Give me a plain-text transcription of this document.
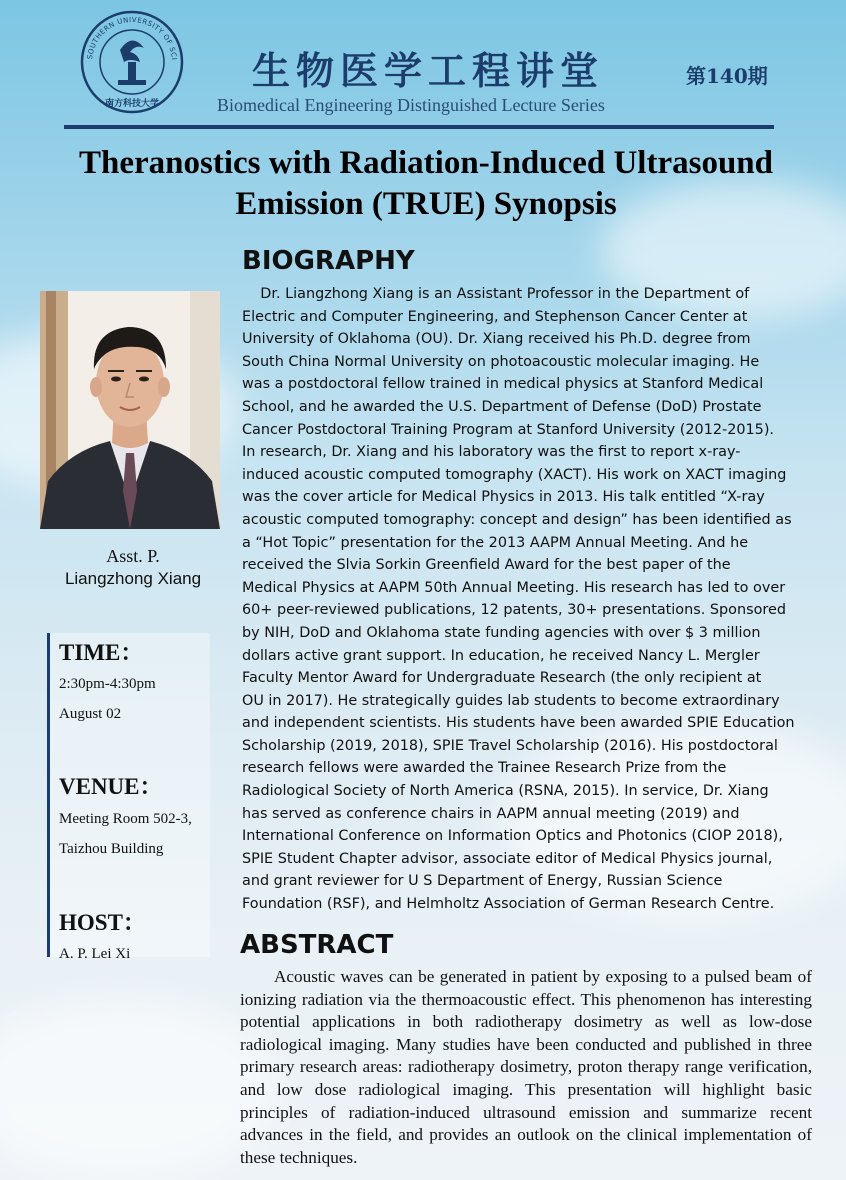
SOUTHERN UNIVERSITY OF SCI
南方科技大学
生物医学工程讲堂	第140期
Biomedical Engineering Distinguished Lecture Series
Theranostics with Radiation-Induced Ultrasound Emission (TRUE) Synopsis
Asst. P.
Liangzhong Xiang
TIME：
2:30pm-4:30pm
August 02
VENUE：
Meeting Room 502-3,
Taizhou Building
HOST：
A. P. Lei Xi
BIOGRAPHY
Dr. Liangzhong Xiang is an Assistant Professor in the Department of
Electric and Computer Engineering, and Stephenson Cancer Center at
University of Oklahoma (OU). Dr. Xiang received his Ph.D. degree from
South China Normal University on photoacoustic molecular imaging. He
was a postdoctoral fellow trained in medical physics at Stanford Medical
School, and he awarded the U.S. Department of Defense (DoD) Prostate
Cancer Postdoctoral Training Program at Stanford University (2012-2015).
In research, Dr. Xiang and his laboratory was the first to report x-ray-
induced acoustic computed tomography (XACT). His work on XACT imaging
was the cover article for Medical Physics in 2013. His talk entitled “X-ray
acoustic computed tomography: concept and design” has been identified as
a “Hot Topic” presentation for the 2013 AAPM Annual Meeting. And he
received the Slvia Sorkin Greenfield Award for the best paper of the
Medical Physics at AAPM 50th Annual Meeting. His research has led to over
60+ peer-reviewed publications, 12 patents, 30+ presentations. Sponsored
by NIH, DoD and Oklahoma state funding agencies with over $ 3 million
dollars active grant support. In education, he received Nancy L. Mergler
Faculty Mentor Award for Undergraduate Research (the only recipient at
OU in 2017). He strategically guides lab students to become extraordinary
and independent scientists. His students have been awarded SPIE Education
Scholarship (2019, 2018), SPIE Travel Scholarship (2016). His postdoctoral
research fellows were awarded the Trainee Research Prize from the
Radiological Society of North America (RSNA, 2015). In service, Dr. Xiang
has served as conference chairs in AAPM annual meeting (2019) and
International Conference on Information Optics and Photonics (CIOP 2018),
SPIE Student Chapter advisor, associate editor of Medical Physics journal,
and grant reviewer for U S Department of Energy, Russian Science
Foundation (RSF), and Helmholtz Association of German Research Centre.
ABSTRACT

Acoustic waves can be generated in patient by exposing to a pulsed beam of ionizing radiation via the thermoacoustic effect. This phenomenon has interesting potential applications in both radiotherapy dosimetry as well as low-dose radiological imaging. Many studies have been conducted and published in three primary research areas: radiotherapy dosimetry, proton therapy range verification, and low dose radiological imaging. This presentation will highlight basic principles of radiation-induced ultrasound emission and summarize recent advances in the field, and provides an outlook on the clinical implementation of these techniques.
